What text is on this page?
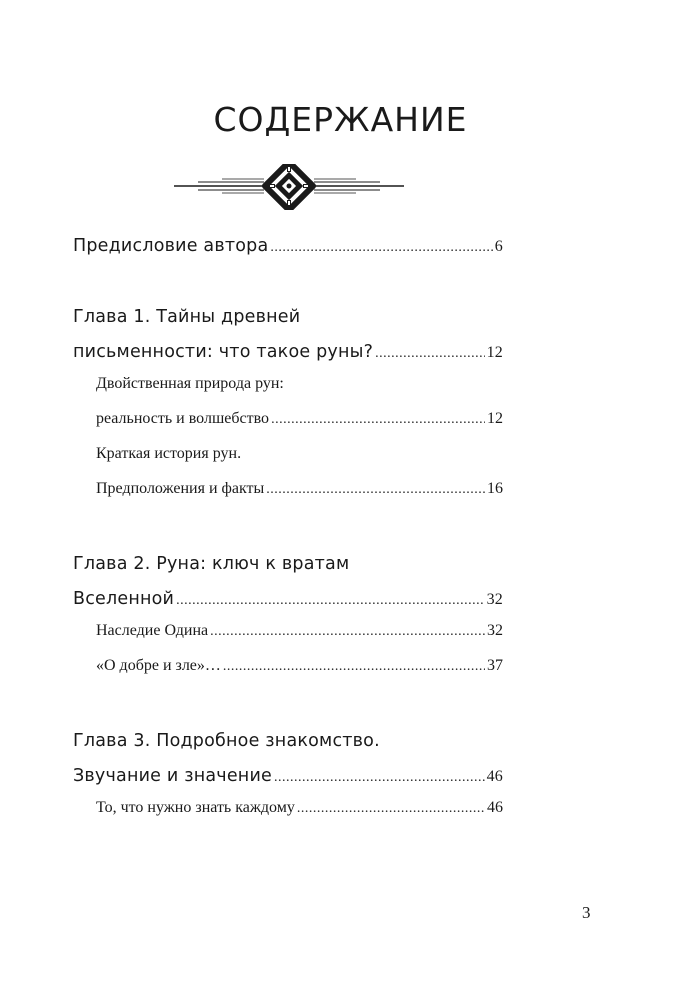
СОДЕРЖАНИЕ
Предисловие автора .....	6
Глава 1. Тайны древней
письменности: что такое руны? .....	12
Двойственная природа рун:
реальность и волшебство .....	12
Краткая история рун.
Предположения и факты .....	16
Глава 2. Руна: ключ к вратам
Вселенной .....	32
Наследие Одина .....	32
«О добре и зле»… .....	37
Глава 3. Подробное знакомство.
Звучание и значение .....	46
То, что нужно знать каждому .....	46
3
